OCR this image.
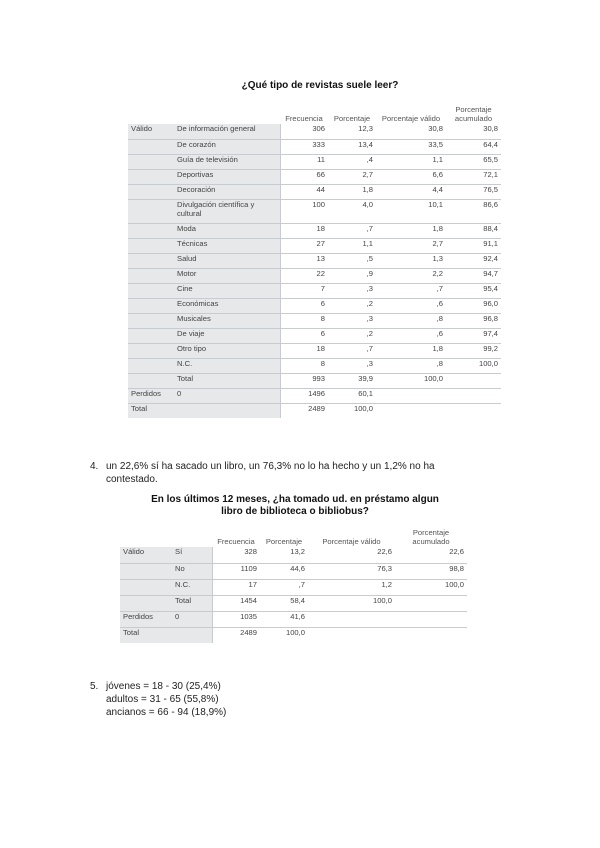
¿Qué tipo de revistas suele leer?
		Frecuencia	Porcentaje	Porcentaje válido	Porcentaje acumulado
Válido	De información general	306	12,3	30,8	30,8
	De corazón	333	13,4	33,5	64,4
	Guía de televisión	11	,4	1,1	65,5
	Deportivas	66	2,7	6,6	72,1
	Decoración	44	1,8	4,4	76,5
	Divulgación científica y cultural	100	4,0	10,1	86,6
	Moda	18	,7	1,8	88,4
	Técnicas	27	1,1	2,7	91,1
	Salud	13	,5	1,3	92,4
	Motor	22	,9	2,2	94,7
	Cine	7	,3	,7	95,4
	Económicas	6	,2	,6	96,0
	Musicales	8	,3	,8	96,8
	De viaje	6	,2	,6	97,4
	Otro tipo	18	,7	1,8	99,2
	N.C.	8	,3	,8	100,0
	Total	993	39,9	100,0	
Perdidos	0	1496	60,1		
Total		2489	100,0		
4. un 22,6% sí ha sacado un libro, un 76,3% no lo ha hecho y un 1,2% no ha
contestado.
En los últimos 12 meses, ¿ha tomado ud. en préstamo algun
libro de biblioteca o bibliobus?
		Frecuencia	Porcentaje	Porcentaje válido	Porcentaje acumulado
Válido	Sí	328	13,2	22,6	22,6
	No	1109	44,6	76,3	98,8
	N.C.	17	,7	1,2	100,0
	Total	1454	58,4	100,0	
Perdidos	0	1035	41,6		
Total		2489	100,0		
5. jóvenes = 18 - 30 (25,4%)
adultos = 31 - 65 (55,8%)
ancianos = 66 - 94 (18,9%)
